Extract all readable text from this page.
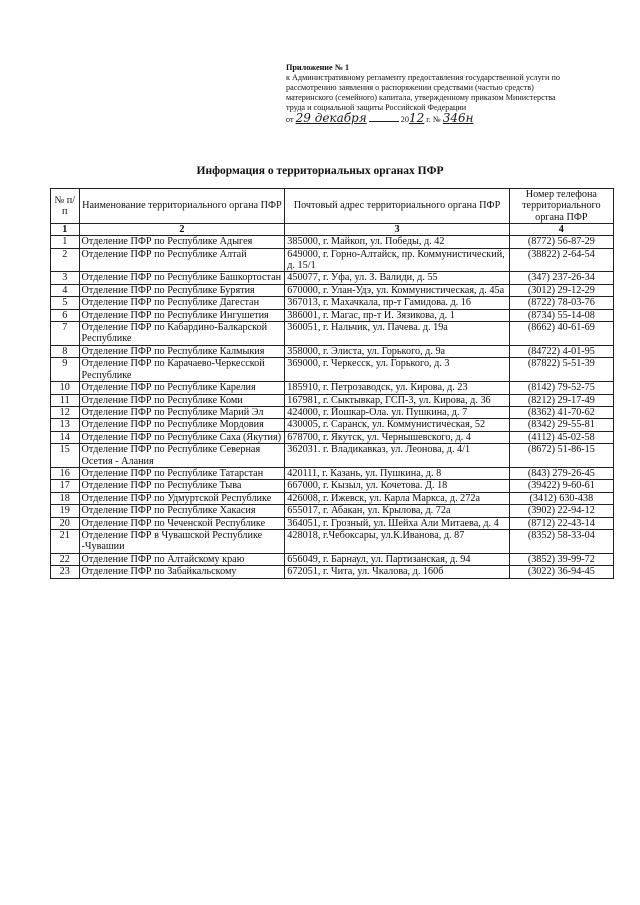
Приложение № 1
к Административному регламенту предоставления государственной услуги по
рассмотрению заявления о распоряжении средствами (частью средств)
материнского (семейного) капитала, утвержденному приказом Министерства
труда и социальной защиты Российской Федерации
от 29 декабря	2012 г. № 346н
Информация о территориальных органах ПФР
№ п/п	Наименование территориального органа ПФР	Почтовый адрес территориального органа ПФР	Номер телефона территориального органа ПФР
1	2	3	4
1	Отделение ПФР по Республике Адыгея	385000, г. Майкоп, ул. Победы, д. 42	(8772) 56-87-29
2	Отделение ПФР по Республике Алтай	649000, г. Горно-Алтайск, пр. Коммунистический, д. 15/1	(38822) 2-64-54
3	Отделение ПФР по Республике Башкортостан	450077, г. Уфа, ул. З. Валиди, д. 55	(347) 237-26-34
4	Отделение ПФР по Республике Бурятия	670000, г. Улан-Удэ, ул. Коммунистическая, д. 45а	(3012) 29-12-29
5	Отделение ПФР по Республике Дагестан	367013, г. Махачкала, пр-т Гамидова. д. 16	(8722) 78-03-76
6	Отделение ПФР по Республике Ингушетия	386001, г. Магас, пр-т И. Зязикова, д. 1	(8734) 55-14-08
7	Отделение ПФР по Кабардино-Балкарской Республике	360051, г. Нальчик, ул. Пачева. д. 19а	(8662) 40-61-69
8	Отделение ПФР по Республике Калмыкия	358000, г. Элиста, ул. Горького, д. 9а	(84722) 4-01-95
9	Отделение ПФР по Карачаево-Черкесской Республике	369000, г. Черкесск, ул. Горького, д. 3	(87822) 5-51-39
10	Отделение ПФР по Республике Карелия	185910, г. Петрозаводск, ул. Кирова, д. 23	(8142) 79-52-75
11	Отделение ПФР по Республике Коми	167981, г. Сыктывкар, ГСП-3, ул. Кирова, д. 36	(8212) 29-17-49
12	Отделение ПФР по Республике Марий Эл	424000, г. Йошкар-Ола. ул. Пушкина, д. 7	(8362) 41-70-62
13	Отделение ПФР по Республике Мордовия	430005, г. Саранск, ул. Коммунистическая, 52	(8342) 29-55-81
14	Отделение ПФР по Республике Саха (Якутия)	678700, г. Якутск, ул. Чернышевского, д. 4	(4112) 45-02-58
15	Отделение ПФР по Республике Северная Осетия - Алания	362031. г. Владикавказ, ул. Леонова, д. 4/1	(8672) 51-86-15
16	Отделение ПФР по Республике Татарстан	420111, г. Казань, ул. Пушкина, д. 8	(843) 279-26-45
17	Отделение ПФР по Республике Тыва	667000, г. Кызыл, ул. Кочетова. Д. 18	(39422) 9-60-61
18	Отделение ПФР по Удмуртской Республике	426008, г. Ижевск, ул. Карла Маркса, д. 272а	(3412) 630-438
19	Отделение ПФР по Республике Хакасия	655017, г. Абакан, ул. Крылова, д. 72а	(3902) 22-94-12
20	Отделение ПФР по Чеченской Республике	364051, г. Грозный, ул. Шейха Али Митаева, д. 4	(8712) 22-43-14
21	Отделение ПФР в Чувашской Республике -Чувашии	428018, г.Чебоксары, ул.К.Иванова, д. 87	(8352) 58-33-04
22	Отделение ПФР по Алтайскому краю	656049, г. Барнаул, ул. Партизанская, д. 94	(3852) 39-99-72
23	Отделение ПФР по Забайкальскому	672051, г. Чита, ул. Чкалова, д. 160б	(3022) 36-94-45
